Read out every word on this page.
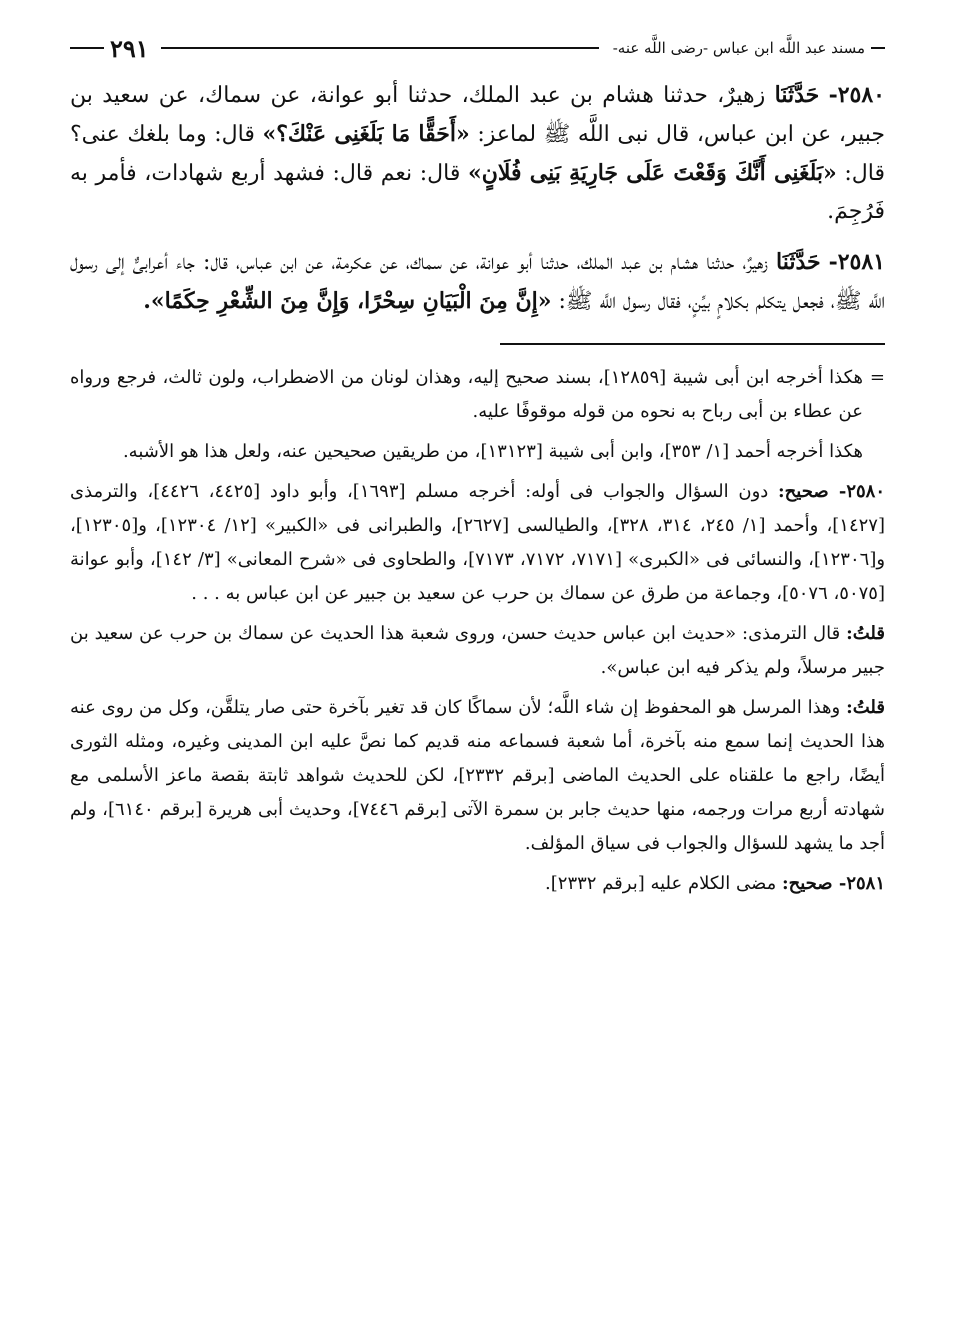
مسند عبد اللَّه ابن عباس -رضى اللَّه عنه-
٢٩١

٢٥٨٠- حَدَّثَنَا زهيرٌ، حدثنا هشام بن عبد الملك، حدثنا أبو عوانة، عن سماك، عن سعيد بن جبير، عن ابن عباس، قال نبى اللَّه ﷺ لماعز: «أَحَقًّا مَا بَلَغَنِى عَنْكَ؟» قال: وما بلغك عنى؟ قال: «بَلَغَنِى أَنَّكَ وَقَعْتَ عَلَى جَارِيَةِ بَنِى فُلَانٍ» قال: نعم قال: فشهد أربع شهادات، فأمر به فَرُجِمَ.

٢٥٨١- حَدَّثَنَا زهيرٌ، حدثنا هشام بن عبد الملك، حدثنا أبو عوانة، عن سماك، عن عكرمة، عن ابن عباس، قال: جاء أعرابىٌّ إلى رسول اللَّه ﷺ، فجعل يتكلم بكلامٍ بيِّنٍ، فقال رسول اللَّه ﷺ: «إِنَّ مِنَ الْبَيَانِ سِحْرًا، وَإِنَّ مِنَ الشِّعْرِ حِكَمًا».

=
هكذا أخرجه ابن أبى شيبة [١٢٨٥٩]، بسند صحيح إليه، وهذان لونان من الاضطراب، ولون ثالث، فرجع ورواه عن عطاء بن أبى رباح به نحوه من قوله موقوفًا عليه.

هكذا أخرجه أحمد [١/ ٣٥٣]، وابن أبى شيبة [١٣١٢٣]، من طريقين صحيحين عنه، ولعل هذا هو الأشبه.

٢٥٨٠- صحيح: دون السؤال والجواب فى أوله: أخرجه مسلم [١٦٩٣]، وأبو داود [٤٤٢٥، ٤٤٢٦]، والترمذى [١٤٢٧]، وأحمد [١/ ٢٤٥، ٣١٤، ٣٢٨]، والطيالسى [٢٦٢٧]، والطبرانى فى «الكبير» [١٢/ ١٢٣٠٤]، و[١٢٣٠٥]، و[١٢٣٠٦]، والنسائى فى «الكبرى» [٧١٧١، ٧١٧٢، ٧١٧٣]، والطحاوى فى «شرح المعانى» [٣/ ١٤٢]، وأبو عوانة [٥٠٧٥، ٥٠٧٦]، وجماعة من طرق عن سماك بن حرب عن سعيد بن جبير عن ابن عباس به . . .

قلتُ: قال الترمذى: «حديث ابن عباس حديث حسن، وروى شعبة هذا الحديث عن سماك بن حرب عن سعيد بن جبير مرسلاً، ولم يذكر فيه ابن عباس».

قلتُ: وهذا المرسل هو المحفوظ إن شاء اللَّه؛ لأن سماكًا كان قد تغير بآخرة حتى صار يتلقَّن، وكل من روى عنه هذا الحديث إنما سمع منه بآخرة، أما شعبة فسماعه منه قديم كما نصَّ عليه ابن المدينى وغيره، ومثله الثورى أيضًا، راجع ما علقناه على الحديث الماضى [برقم ٢٣٣٢]، لكن للحديث شواهد ثابتة بقصة ماعز الأسلمى مع شهادته أربع مرات ورجمه، منها حديث جابر بن سمرة الآتى [برقم ٧٤٤٦]، وحديث أبى هريرة [برقم ٦١٤٠]، ولم أجد ما يشهد للسؤال والجواب فى سياق المؤلف.

٢٥٨١- صحيح: مضى الكلام عليه [برقم ٢٣٣٢].
